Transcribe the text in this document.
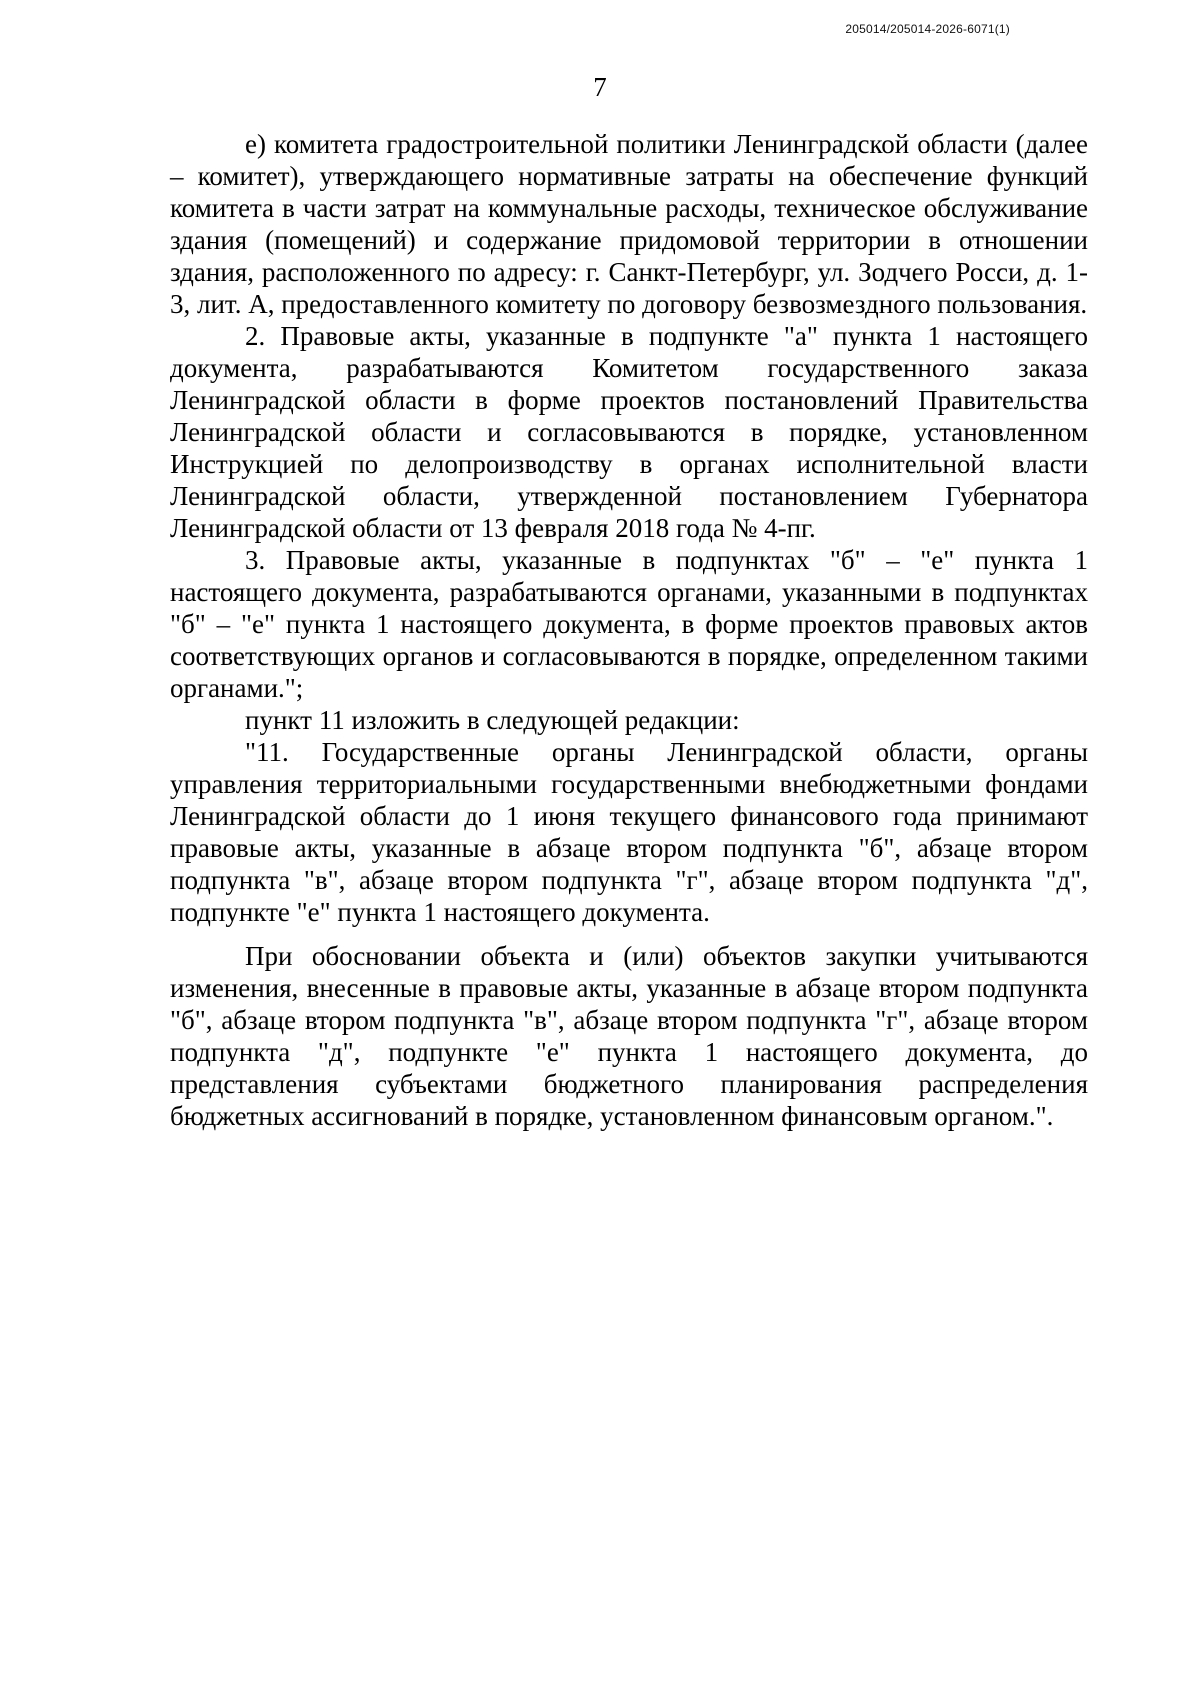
205014/205014-2026-6071(1)
7

е) комитета градостроительной политики Ленинградской области (далее – комитет), утверждающего нормативные затраты на обеспечение функций комитета в части затрат на коммунальные расходы, техническое обслуживание здания (помещений) и содержание придомовой территории в отношении здания, расположенного по адресу: г. Санкт-Петербург, ул. Зодчего Росси, д. 1-3, лит. А, предоставленного комитету по договору безвозмездного пользования.

2. Правовые акты, указанные в подпункте "а" пункта 1 настоящего документа, разрабатываются Комитетом государственного заказа Ленинградской области в форме проектов постановлений Правительства Ленинградской области и согласовываются в порядке, установленном Инструкцией по делопроизводству в органах исполнительной власти Ленинградской области, утвержденной постановлением Губернатора Ленинградской области от 13 февраля 2018 года № 4-пг.

3. Правовые акты, указанные в подпунктах "б" – "е" пункта 1 настоящего документа, разрабатываются органами, указанными в подпунктах "б" – "е" пункта 1 настоящего документа, в форме проектов правовых актов соответствующих органов и согласовываются в порядке, определенном такими органами.";

пункт 11 изложить в следующей редакции:

"11. Государственные органы Ленинградской области, органы управления территориальными государственными внебюджетными фондами Ленинградской области до 1 июня текущего финансового года принимают правовые акты, указанные в абзаце втором подпункта "б", абзаце втором подпункта "в", абзаце втором подпункта "г", абзаце втором подпункта "д", подпункте "е" пункта 1 настоящего документа.

При обосновании объекта и (или) объектов закупки учитываются изменения, внесенные в правовые акты, указанные в абзаце втором подпункта "б", абзаце втором подпункта "в", абзаце втором подпункта "г", абзаце втором подпункта "д", подпункте "е" пункта 1 настоящего документа, до представления субъектами бюджетного планирования распределения бюджетных ассигнований в порядке, установленном финансовым органом.".
